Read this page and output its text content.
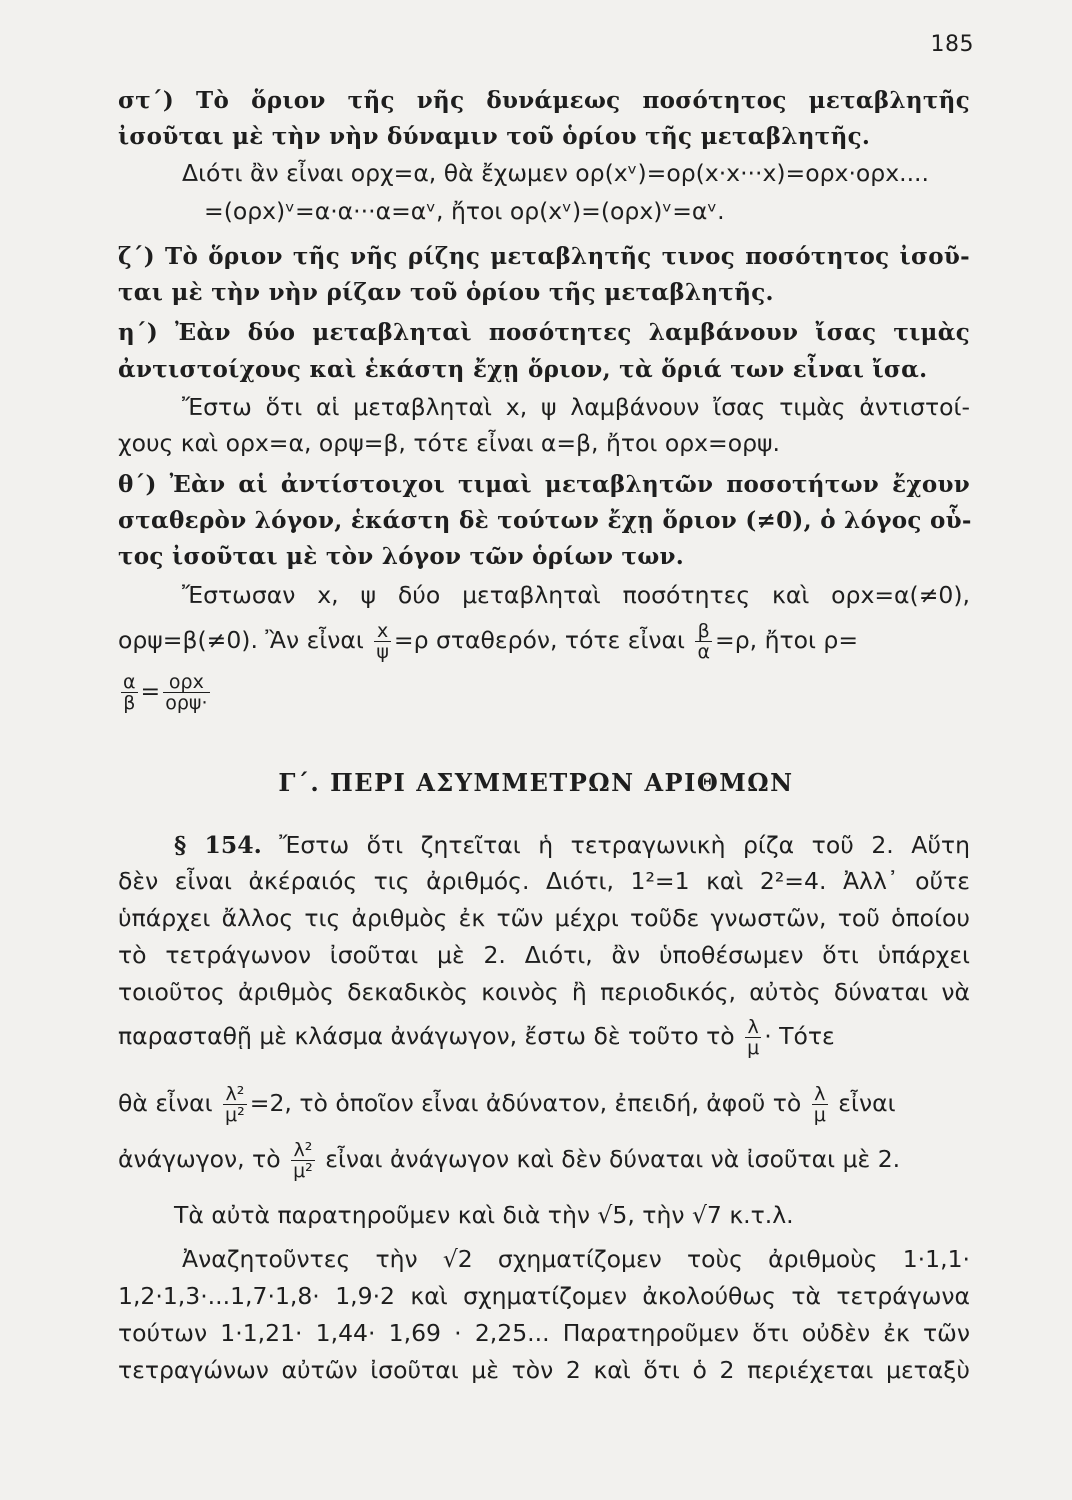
185
στ΄) Τὸ ὅριον τῆς νῆς δυνάμεως ποσότητος μεταβλητῆς
ἰσοῦται μὲ τὴν νὴν δύναμιν τοῦ ὁρίου τῆς μεταβλητῆς.
Διότι ἂν εἶναι ορχ=α, θὰ ἔχωμεν ορ(xᵛ)=ορ(x·x···x)=ορx·ορx....
=(ορx)ᵛ=α·α···α=αᵛ, ἤτοι ορ(xᵛ)=(ορx)ᵛ=αᵛ.
ζ΄) Τὸ ὅριον τῆς νῆς ρίζης μεταβλητῆς τινος ποσότητος ἰσοῦ-
ται μὲ τὴν νὴν ρίζαν τοῦ ὁρίου τῆς μεταβλητῆς.
η΄) Ἐὰν δύο μεταβληταὶ ποσότητες λαμβάνουν ἴσας τιμὰς
ἀντιστοίχους καὶ ἑκάστη ἔχῃ ὅριον, τὰ ὅριά των εἶναι ἴσα.
Ἔστω ὅτι αἱ μεταβληταὶ x, ψ λαμβάνουν ἴσας τιμὰς ἀντιστοί-
χους καὶ ορx=α, ορψ=β, τότε εἶναι α=β, ἤτοι ορx=ορψ.
θ΄) Ἐὰν αἱ ἀντίστοιχοι τιμαὶ μεταβλητῶν ποσοτήτων ἔχουν
σταθερὸν λόγον, ἑκάστη δὲ τούτων ἔχῃ ὅριον (≠0), ὁ λόγος οὗ-
τος ἰσοῦται μὲ τὸν λόγον τῶν ὁρίων των.
Ἔστωσαν x, ψ δύο μεταβληταὶ ποσότητες καὶ ορx=α(≠0),
ορψ=β(≠0). Ἂν εἶναι $\frac{x}{\psi} =\rho$ σταθερόν, τότε εἶναι $\frac{\beta}{\alpha} =\rho$, ἤτοι ρ=
$\frac{\alpha}{\beta} = \frac{\text{ορx}}{\text{ορψ·}}$
Γ΄. ΠΕΡΙ ΑΣΥΜΜΕΤΡΩΝ ΑΡΙΘΜΩΝ
§ 154. Ἔστω ὅτι ζητεῖται ἡ τετραγωνικὴ ρίζα τοῦ 2. Αὕτη
δὲν εἶναι ἀκέραιός τις ἀριθμός. Διότι, 1²=1 καὶ 2²=4. Ἀλλ᾽ οὔτε
ὑπάρχει ἄλλος τις ἀριθμὸς ἐκ τῶν μέχρι τοῦδε γνωστῶν, τοῦ ὁποίου
τὸ τετράγωνον ἰσοῦται μὲ 2. Διότι, ἂν ὑποθέσωμεν ὅτι ὑπάρχει
τοιοῦτος ἀριθμὸς δεκαδικὸς κοινὸς ἢ περιοδικός, αὐτὸς δύναται νὰ
παρασταθῇ μὲ κλάσμα ἀνάγωγον, ἔστω δὲ τοῦτο τὸ $\frac{\lambda}{\mu} \cdot Tό\tau\varepsilon$
θὰ εἶναι $\frac{\text{λ²}}{\text{μ²}} =2$, τὸ ὁποῖον εἶναι ἀδύνατον, ἐπειδή, ἀφοῦ τὸ $\frac{\lambda}{\mu}$ εἶναι
ἀνάγωγον, τὸ $\frac{\text{λ²}}{\text{μ²}}$ εἶναι ἀνάγωγον καὶ δὲν δύναται νὰ ἰσοῦται μὲ 2.
Τὰ αὐτὰ παρατηροῦμεν καὶ διὰ τὴν √5, τὴν √7 κ.τ.λ.
Ἀναζητοῦντες τὴν √2 σχηματίζομεν τοὺς ἀριθμοὺς 1·1,1·
1,2·1,3·...1,7·1,8· 1,9·2 καὶ σχηματίζομεν ἀκολούθως τὰ τετράγωνα
τούτων 1·1,21· 1,44· 1,69 · 2,25... Παρατηροῦμεν ὅτι οὐδὲν ἐκ τῶν
τετραγώνων αὐτῶν ἰσοῦται μὲ τὸν 2 καὶ ὅτι ὁ 2 περιέχεται μεταξὺ
